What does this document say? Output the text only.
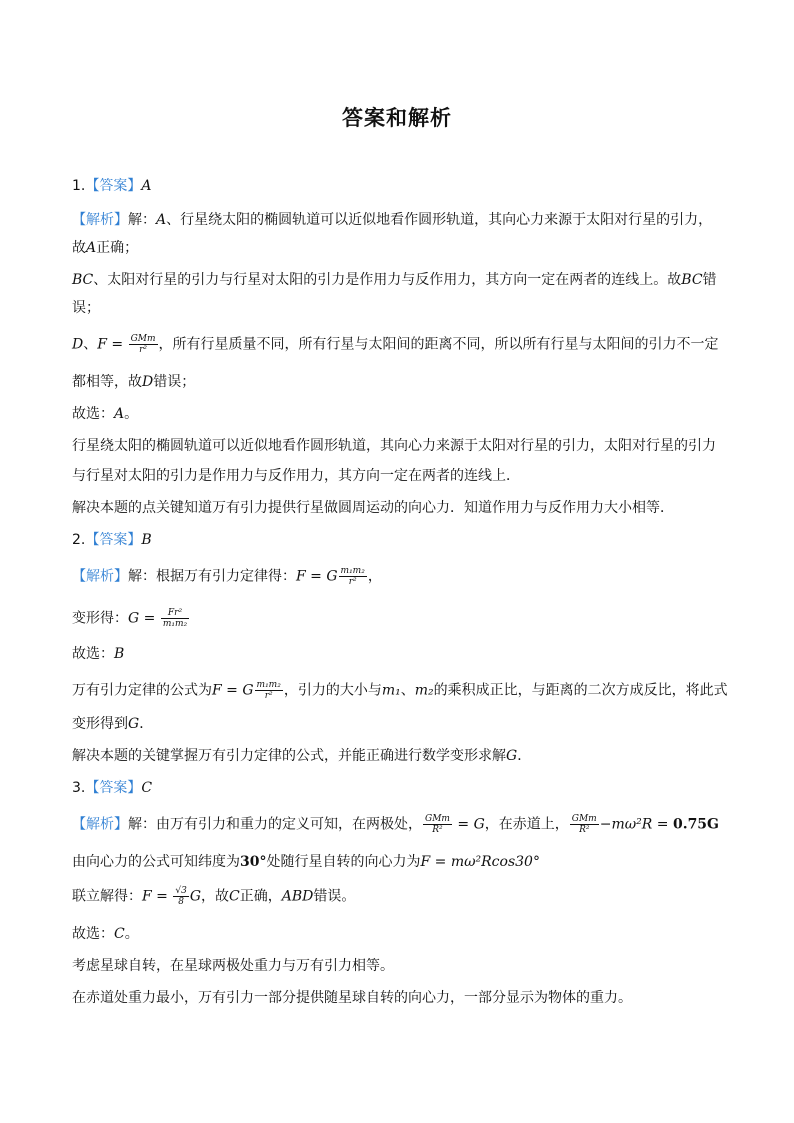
答案和解析
1.【答案】A
【解析】解：A、行星绕太阳的椭圆轨道可以近似地看作圆形轨道，其向心力来源于太阳对行星的引力，
故A正确；
BC、太阳对行星的引力与行星对太阳的引力是作用力与反作用力，其方向一定在两者的连线上。故BC错
误；
D、$F = \frac{\text{GMm}}{\text{r²}}$ ，所有行星质量不同，所有行星与太阳间的距离不同，所以所有行星与太阳间的引力不一定
都相等，故D错误；
故选：A。
行星绕太阳的椭圆轨道可以近似地看作圆形轨道，其向心力来源于太阳对行星的引力，太阳对行星的引力
与行星对太阳的引力是作用力与反作用力，其方向一定在两者的连线上．
解决本题的点关键知道万有引力提供行星做圆周运动的向心力．知道作用力与反作用力大小相等．
2.【答案】B
【解析】解：根据万有引力定律得：F = G $\frac{\text{m₁m₂}}{\text{r²}}$ ，
变形得：$G = \frac{\text{Fr²}}{\text{m₁m₂}}$
故选：B
万有引力定律的公式为F = G $\frac{\text{m₁m₂}}{\text{r²}}$ ，引力的大小与m₁、m₂的乘积成正比，与距离的二次方成反比，将此式
变形得到G．
解决本题的关键掌握万有引力定律的公式，并能正确进行数学变形求解G．
3.【答案】C
【解析】解：由万有引力和重力的定义可知，在两极处， $\frac{\text{GMm}}{\text{R²}} = G$，在赤道上， $\frac{\text{GMm}}{\text{R²}} -m\omega^2R = 0.75G$
由向心力的公式可知纬度为30°处随行星自转的向心力为F = mω²Rcos30°
联立解得：$F = \frac{√3}{8}$ G，故C正确，ABD错误。
故选：C。
考虑星球自转，在星球两极处重力与万有引力相等。
在赤道处重力最小，万有引力一部分提供随星球自转的向心力，一部分显示为物体的重力。
